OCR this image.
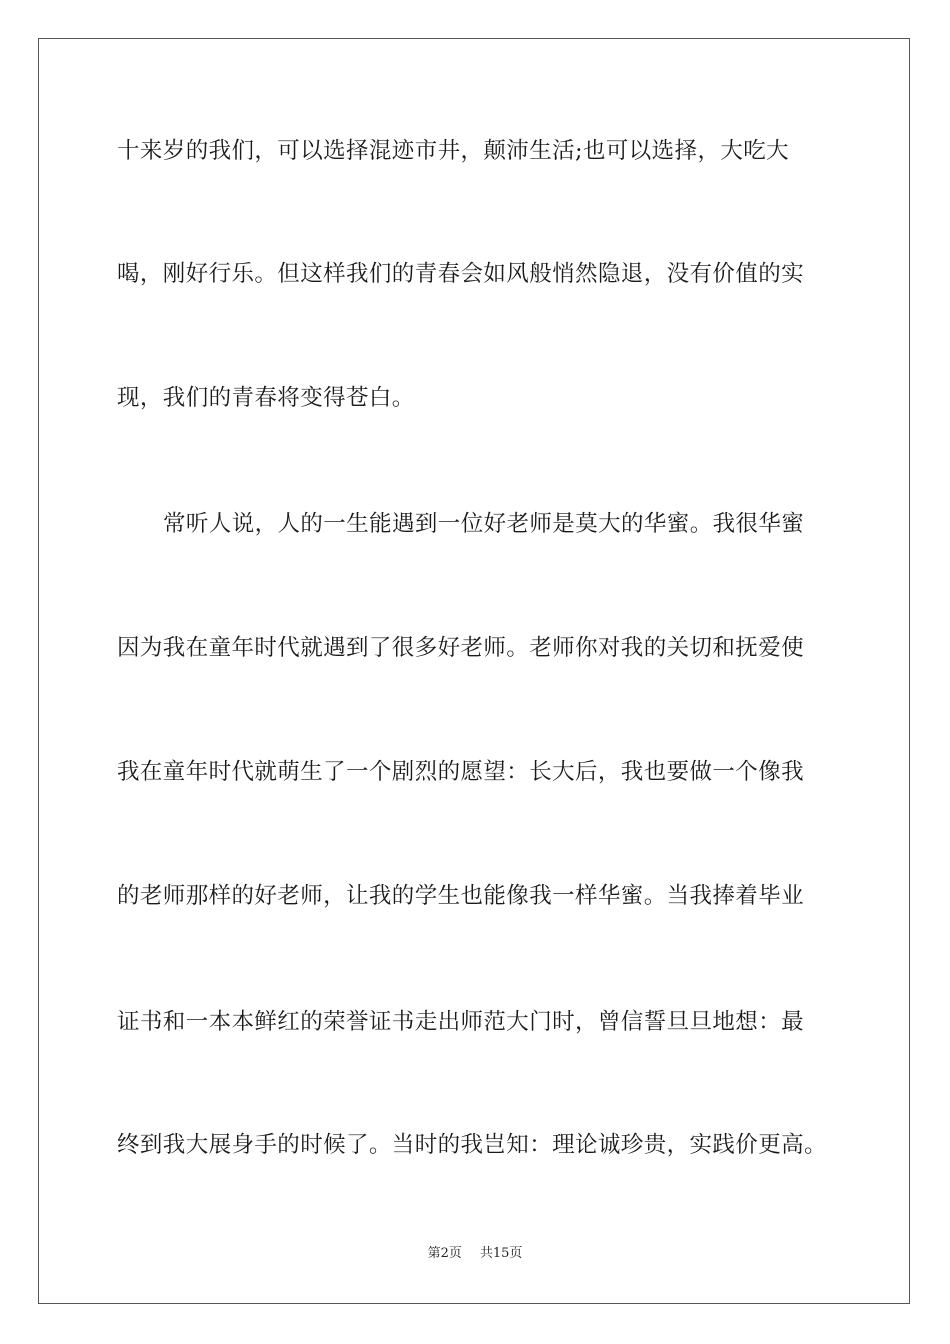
十来岁的我们，可以选择混迹市井，颠沛生活;也可以选择，大吃大
喝，刚好行乐。但这样我们的青春会如风般悄然隐退，没有价值的实
现，我们的青春将变得苍白。
常听人说，人的一生能遇到一位好老师是莫大的华蜜。我很华蜜
因为我在童年时代就遇到了很多好老师。老师你对我的关切和抚爱使
我在童年时代就萌生了一个剧烈的愿望：长大后，我也要做一个像我
的老师那样的好老师，让我的学生也能像我一样华蜜。当我捧着毕业
证书和一本本鲜红的荣誉证书走出师范大门时，曾信誓旦旦地想：最
终到我大展身手的时候了。当时的我岂知：理论诚珍贵，实践价更高。
第2页 共15页
